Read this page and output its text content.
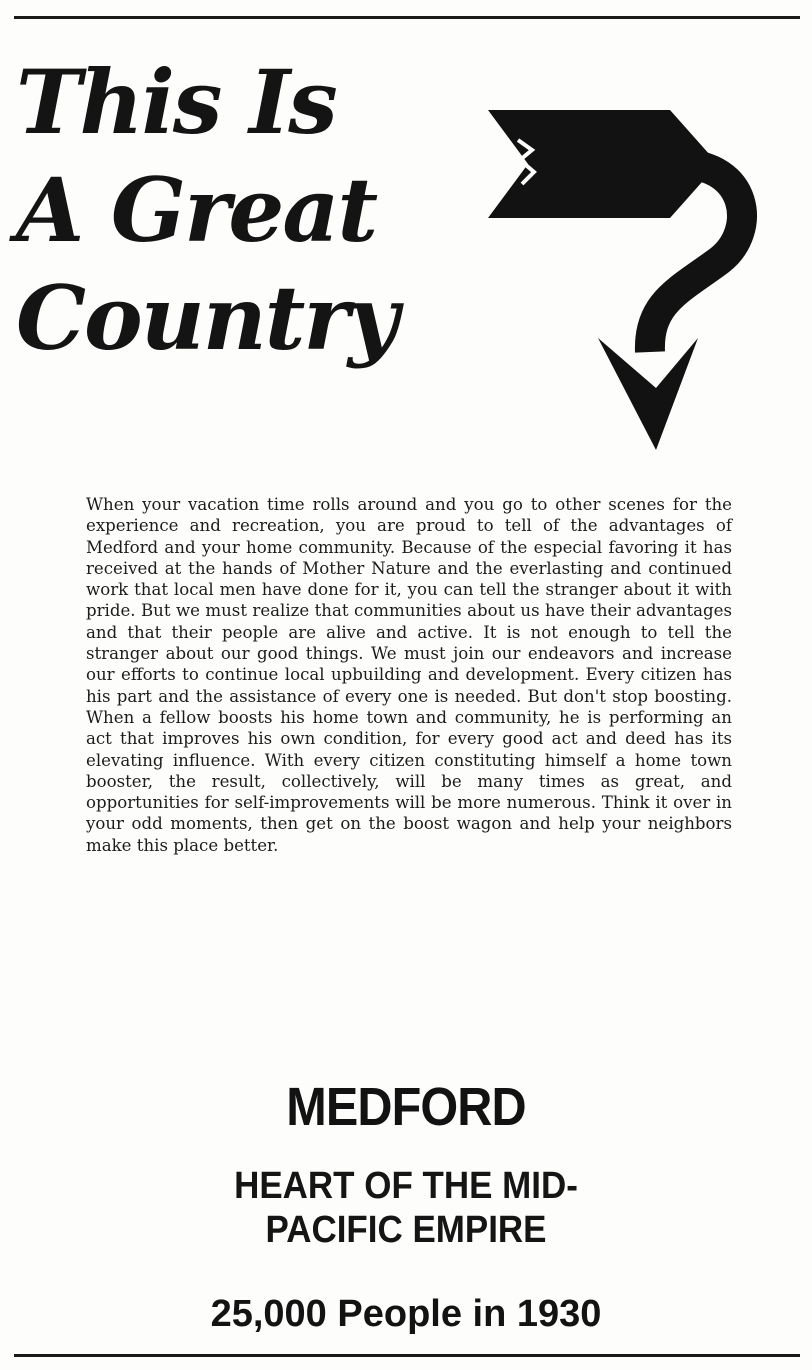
This Is
A Great
Country

When your vacation time rolls around and you go to other scenes for the experience and recreation, you are proud to tell of the advantages of Medford and your home community. Because of the especial favoring it has received at the hands of Mother Nature and the everlasting and continued work that local men have done for it, you can tell the stranger about it with pride. But we must realize that communities about us have their advantages and that their people are alive and active. It is not enough to tell the stranger about our good things. We must join our endeavors and increase our efforts to continue local upbuilding and development. Every citizen has his part and the assistance of every one is needed. But don't stop boosting. When a fellow boosts his home town and community, he is performing an act that improves his own condition, for every good act and deed has its elevating influence. With every citizen constituting himself a home town booster, the result, collectively, will be many times as great, and opportunities for self-improvements will be more numerous. Think it over in your odd moments, then get on the boost wagon and help your neighbors make this place better.

MEDFORD
HEART OF THE MID-
PACIFIC EMPIRE
25,000 People in 1930
